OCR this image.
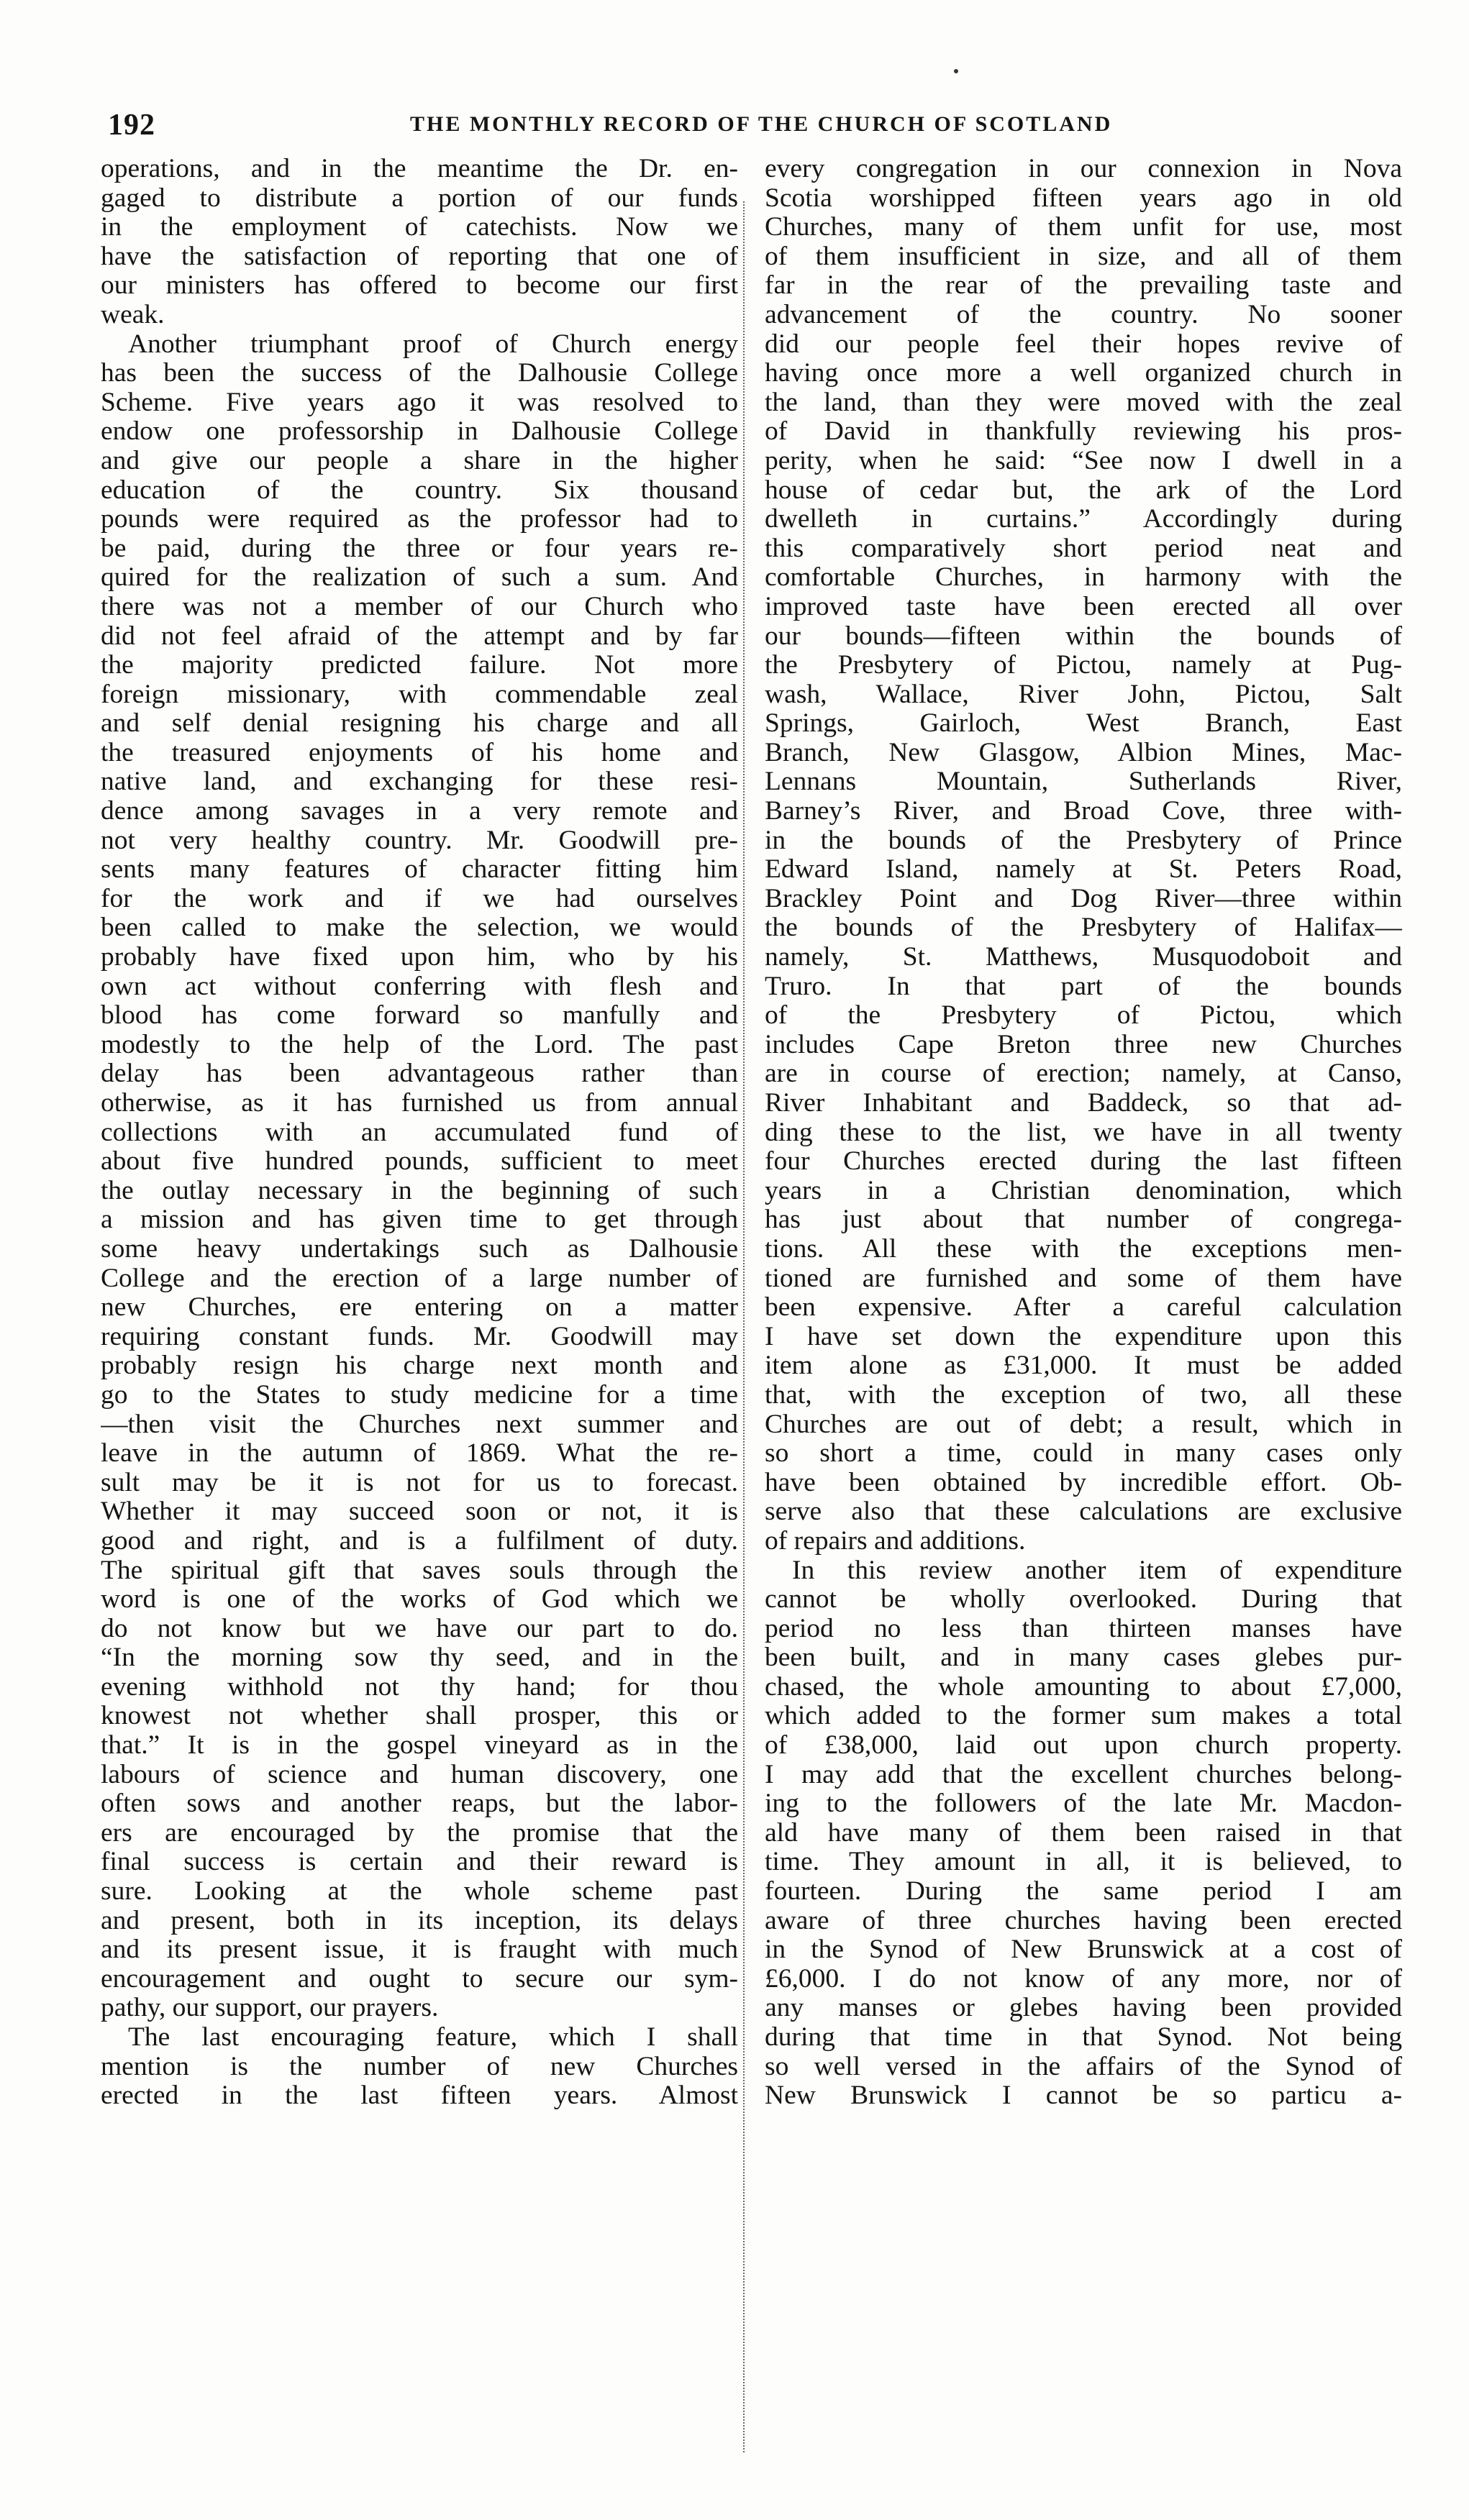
192	THE MONTHLY RECORD OF THE CHURCH OF SCOTLAND
operations, and in the meantime the Dr. en-
gaged to distribute a portion of our funds
in the employment of catechists. Now we
have the satisfaction of reporting that one of
our ministers has offered to become our first
weak.
Another triumphant proof of Church energy
has been the success of the Dalhousie College
Scheme. Five years ago it was resolved to
endow one professorship in Dalhousie College
and give our people a share in the higher
education of the country. Six thousand
pounds were required as the professor had to
be paid, during the three or four years re-
quired for the realization of such a sum. And
there was not a member of our Church who
did not feel afraid of the attempt and by far
the majority predicted failure. Not more
foreign missionary, with commendable zeal
and self denial resigning his charge and all
the treasured enjoyments of his home and
native land, and exchanging for these resi-
dence among savages in a very remote and
not very healthy country. Mr. Goodwill pre-
sents many features of character fitting him
for the work and if we had ourselves
been called to make the selection, we would
probably have fixed upon him, who by his
own act without conferring with flesh and
blood has come forward so manfully and
modestly to the help of the Lord. The past
delay has been advantageous rather than
otherwise, as it has furnished us from annual
collections with an accumulated fund of
about five hundred pounds, sufficient to meet
the outlay necessary in the beginning of such
a mission and has given time to get through
some heavy undertakings such as Dalhousie
College and the erection of a large number of
new Churches, ere entering on a matter
requiring constant funds. Mr. Goodwill may
probably resign his charge next month and
go to the States to study medicine for a time
—then visit the Churches next summer and
leave in the autumn of 1869. What the re-
sult may be it is not for us to forecast.
Whether it may succeed soon or not, it is
good and right, and is a fulfilment of duty.
The spiritual gift that saves souls through the
word is one of the works of God which we
do not know but we have our part to do.
“In the morning sow thy seed, and in the
evening withhold not thy hand; for thou
knowest not whether shall prosper, this or
that.” It is in the gospel vineyard as in the
labours of science and human discovery, one
often sows and another reaps, but the labor-
ers are encouraged by the promise that the
final success is certain and their reward is
sure. Looking at the whole scheme past
and present, both in its inception, its delays
and its present issue, it is fraught with much
encouragement and ought to secure our sym-
pathy, our support, our prayers.
The last encouraging feature, which I shall
mention is the number of new Churches
erected in the last fifteen years. Almost
every congregation in our connexion in Nova
Scotia worshipped fifteen years ago in old
Churches, many of them unfit for use, most
of them insufficient in size, and all of them
far in the rear of the prevailing taste and
advancement of the country. No sooner
did our people feel their hopes revive of
having once more a well organized church in
the land, than they were moved with the zeal
of David in thankfully reviewing his pros-
perity, when he said: “See now I dwell in a
house of cedar but, the ark of the Lord
dwelleth in curtains.” Accordingly during
this comparatively short period neat and
comfortable Churches, in harmony with the
improved taste have been erected all over
our bounds—fifteen within the bounds of
the Presbytery of Pictou, namely at Pug-
wash, Wallace, River John, Pictou, Salt
Springs, Gairloch, West Branch, East
Branch, New Glasgow, Albion Mines, Mac-
Lennans Mountain, Sutherlands River,
Barney’s River, and Broad Cove, three with-
in the bounds of the Presbytery of Prince
Edward Island, namely at St. Peters Road,
Brackley Point and Dog River—three within
the bounds of the Presbytery of Halifax—
namely, St. Matthews, Musquodoboit and
Truro. In that part of the bounds
of the Presbytery of Pictou, which
includes Cape Breton three new Churches
are in course of erection; namely, at Canso,
River Inhabitant and Baddeck, so that ad-
ding these to the list, we have in all twenty
four Churches erected during the last fifteen
years in a Christian denomination, which
has just about that number of congrega-
tions. All these with the exceptions men-
tioned are furnished and some of them have
been expensive. After a careful calculation
I have set down the expenditure upon this
item alone as £31,000. It must be added
that, with the exception of two, all these
Churches are out of debt; a result, which in
so short a time, could in many cases only
have been obtained by incredible effort. Ob-
serve also that these calculations are exclusive
of repairs and additions.
In this review another item of expenditure
cannot be wholly overlooked. During that
period no less than thirteen manses have
been built, and in many cases glebes pur-
chased, the whole amounting to about £7,000,
which added to the former sum makes a total
of £38,000, laid out upon church property.
I may add that the excellent churches belong-
ing to the followers of the late Mr. Macdon-
ald have many of them been raised in that
time. They amount in all, it is believed, to
fourteen. During the same period I am
aware of three churches having been erected
in the Synod of New Brunswick at a cost of
£6,000. I do not know of any more, nor of
any manses or glebes having been provided
during that time in that Synod. Not being
so well versed in the affairs of the Synod of
New Brunswick I cannot be so particu a-
